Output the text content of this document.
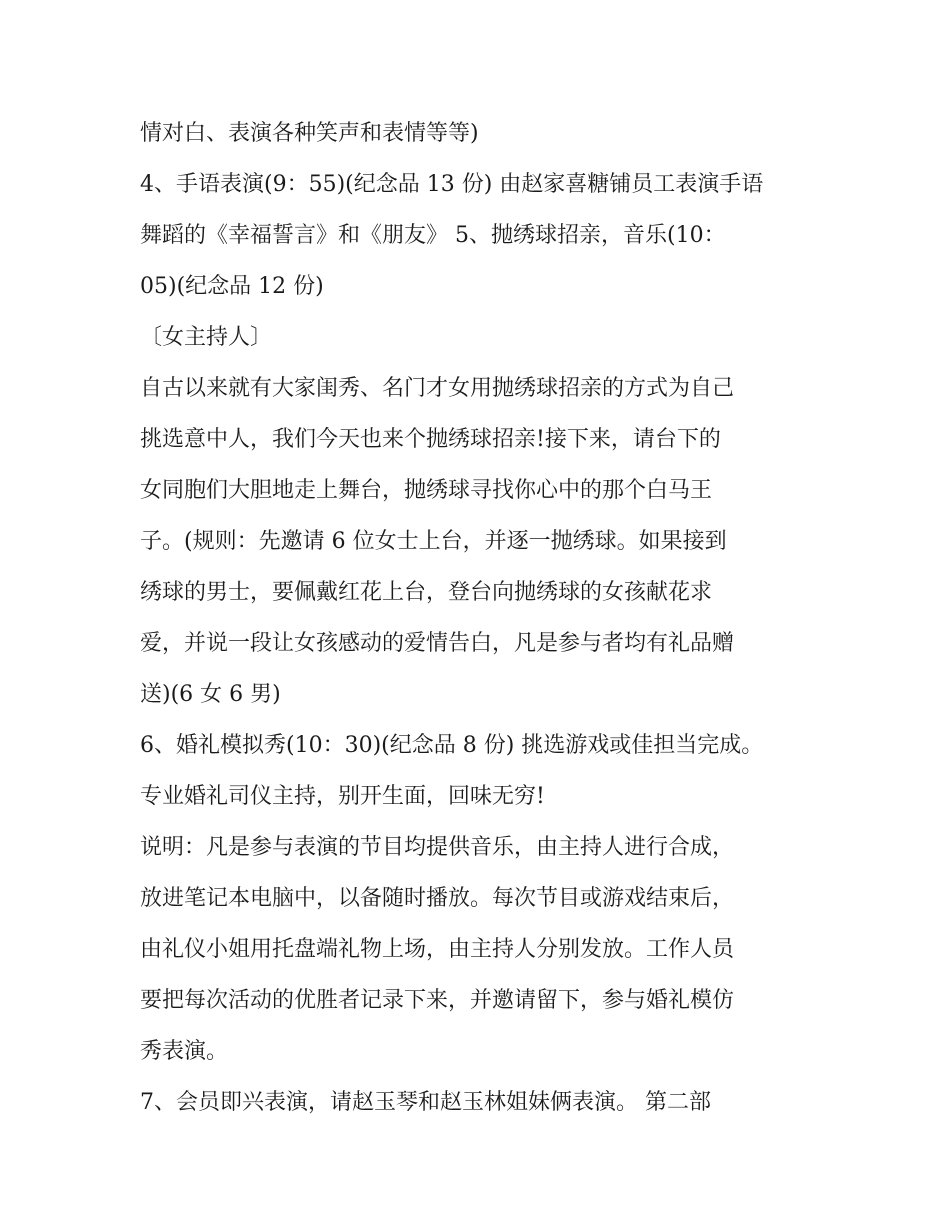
情对白、表演各种笑声和表情等等)
4、手语表演(9：55)(纪念品 13 份) 由赵家喜糖铺员工表演手语
舞蹈的《幸福誓言》和《朋友》 5、抛绣球招亲，音乐(10：
05)(纪念品 12 份)
〔女主持人〕
自古以来就有大家闺秀、名门才女用抛绣球招亲的方式为自己
挑选意中人，我们今天也来个抛绣球招亲!接下来，请台下的
女同胞们大胆地走上舞台，抛绣球寻找你心中的那个白马王
子。(规则：先邀请 6 位女士上台，并逐一抛绣球。如果接到
绣球的男士，要佩戴红花上台，登台向抛绣球的女孩献花求
爱，并说一段让女孩感动的爱情告白，凡是参与者均有礼品赠
送)(6 女 6 男)
6、婚礼模拟秀(10：30)(纪念品 8 份) 挑选游戏或佳担当完成。
专业婚礼司仪主持，别开生面，回味无穷!
说明：凡是参与表演的节目均提供音乐，由主持人进行合成，
放进笔记本电脑中，以备随时播放。每次节目或游戏结束后，
由礼仪小姐用托盘端礼物上场，由主持人分别发放。工作人员
要把每次活动的优胜者记录下来，并邀请留下，参与婚礼模仿
秀表演。
7、会员即兴表演，请赵玉琴和赵玉林姐妹俩表演。 第二部
